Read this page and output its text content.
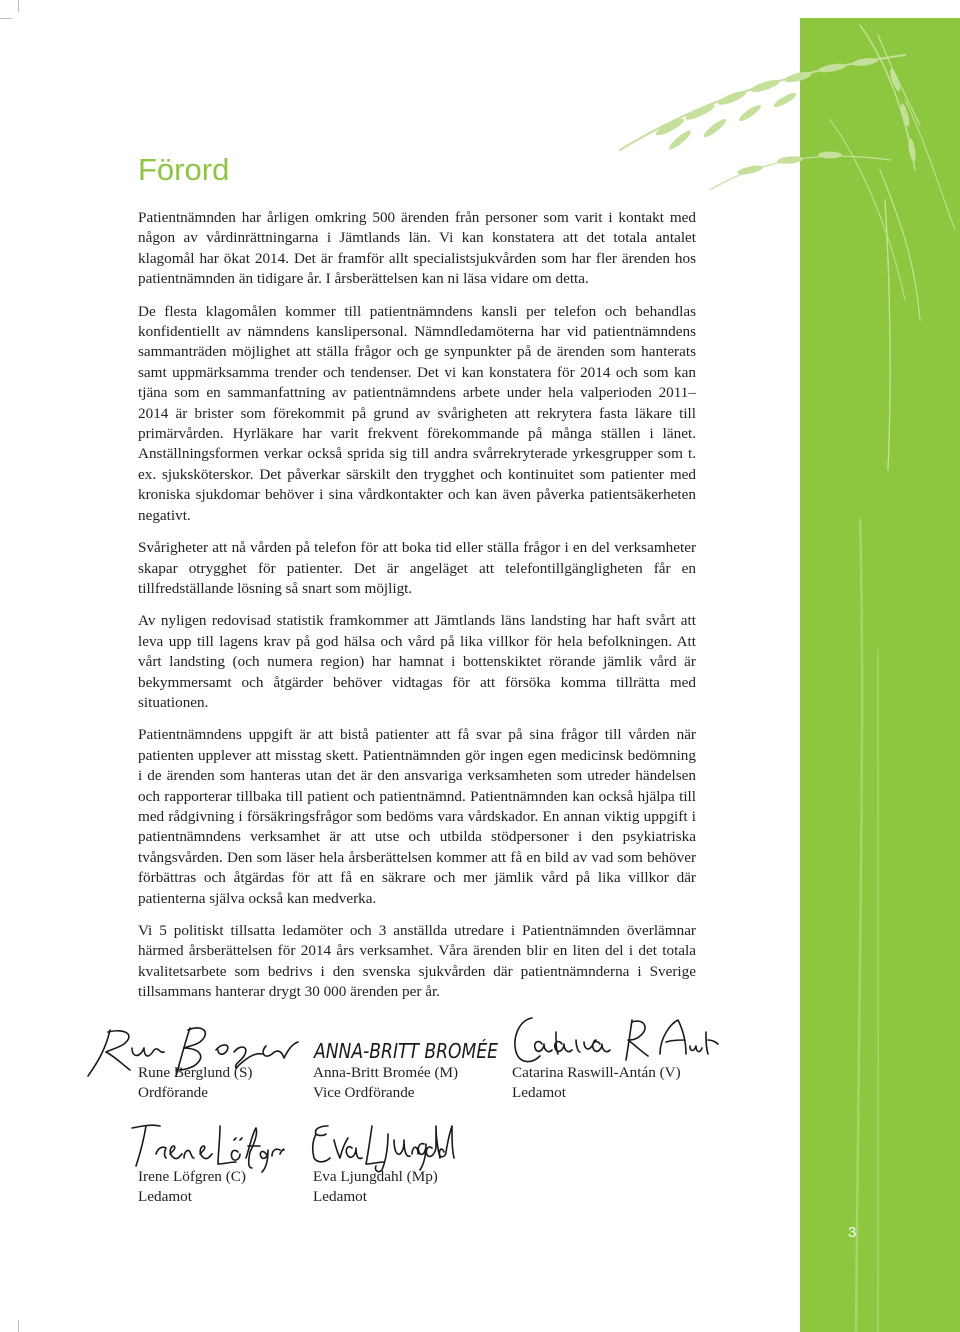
Förord

Patientnämnden har årligen omkring 500 ärenden från personer som varit i kontakt med någon av vårdinrättningarna i Jämtlands län. Vi kan konstatera att det totala antalet klagomål har ökat 2014. Det är framför allt specialistsjukvården som har fler ärenden hos patientnämnden än tidigare år. I årsberättelsen kan ni läsa vidare om detta.

De flesta klagomålen kommer till patientnämndens kansli per telefon och behandlas konfidentiellt av nämndens kanslipersonal. Nämndledamöterna har vid patientnämndens sammanträden möjlighet att ställa frågor och ge synpunkter på de ärenden som hanterats samt uppmärksamma trender och tendenser. Det vi kan konstatera för 2014 och som kan tjäna som en sammanfattning av patientnämndens arbete under hela valperioden 2011–2014 är brister som förekommit på grund av svårigheten att rekrytera fasta läkare till primärvården. Hyrläkare har varit frekvent förekommande på många ställen i länet. Anställningsformen verkar också sprida sig till andra svårrekryterade yrkesgrupper som t. ex. sjuksköterskor. Det påverkar särskilt den trygghet och kontinuitet som patienter med kroniska sjukdomar behöver i sina vårdkontakter och kan även påverka patientsäkerheten negativt.

Svårigheter att nå vården på telefon för att boka tid eller ställa frågor i en del verksamheter skapar otrygghet för patienter. Det är angeläget att telefontillgängligheten får en tillfredställande lösning så snart som möjligt.

Av nyligen redovisad statistik framkommer att Jämtlands läns landsting har haft svårt att leva upp till lagens krav på god hälsa och vård på lika villkor för hela befolkningen. Att vårt landsting (och numera region) har hamnat i bottenskiktet rörande jämlik vård är bekymmersamt och åtgärder behöver vidtagas för att försöka komma tillrätta med situationen.

Patientnämndens uppgift är att bistå patienter att få svar på sina frågor till vården när patienten upplever att misstag skett. Patientnämnden gör ingen egen medicinsk bedömning i de ärenden som hanteras utan det är den ansvariga verksamheten som utreder händelsen och rapporterar tillbaka till patient och patientnämnd. Patientnämnden kan också hjälpa till med rådgivning i försäkringsfrågor som bedöms vara vårdskador. En annan viktig uppgift i patientnämndens verksamhet är att utse och utbilda stödpersoner i den psykiatriska tvångsvården. Den som läser hela årsberättelsen kommer att få en bild av vad som behöver förbättras och åtgärdas för att få en säkrare och mer jämlik vård på lika villkor där patienterna själva också kan medverka.

Vi 5 politiskt tillsatta ledamöter och 3 anställda utredare i Patientnämnden överlämnar härmed årsberättelsen för 2014 års verksamhet. Våra ärenden blir en liten del i det totala kvalitetsarbete som bedrivs i den svenska sjukvården där patientnämnderna i Sverige tillsammans hanterar drygt 30 000 ärenden per år.

ANNA-BRITT BROMÉE
Rune Berglund (S)
Ordförande
Anna-Britt Bromée (M)
Vice Ordförande
Catarina Raswill-Antán (V)
Ledamot
Irene Löfgren (C)
Ledamot
Eva Ljungdahl (Mp)
Ledamot
3
